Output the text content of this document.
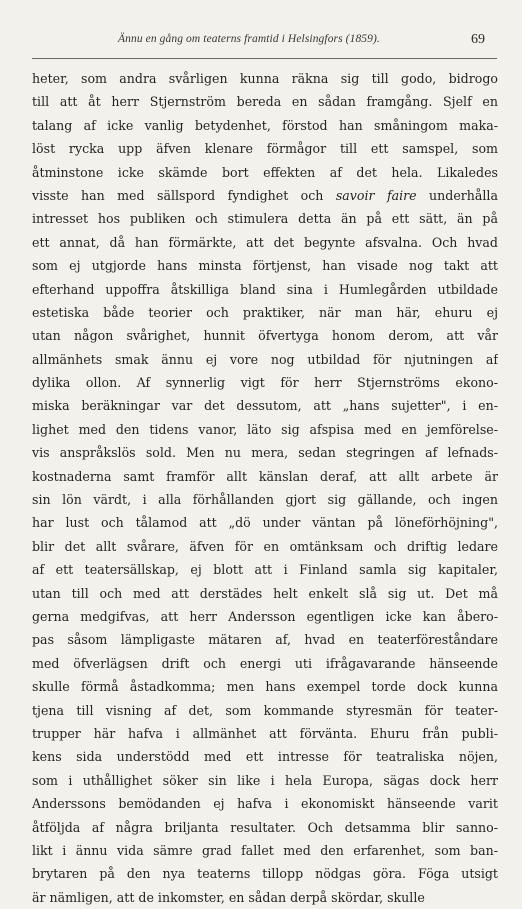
Ännu en gång om teaterns framtid i Helsingfors (1859).	69
heter, som andra svårligen kunna räkna sig till godo, bidrogo
till att åt herr Stjernström bereda en sådan framgång. Sjelf en
talang af icke vanlig betydenhet, förstod han småningom maka-
löst rycka upp äfven klenare förmågor till ett samspel, som
åtminstone icke skämde bort effekten af det hela. Likaledes
visste han med sällspord fyndighet och savoir faire underhålla
intresset hos publiken och stimulera detta än på ett sätt, än på
ett annat, då han förmärkte, att det begynte afsvalna. Och hvad
som ej utgjorde hans minsta förtjenst, han visade nog takt att
efterhand uppoffra åtskilliga bland sina i Humlegården utbildade
estetiska både teorier och praktiker, när man här, ehuru ej
utan någon svårighet, hunnit öfvertyga honom derom, att vår
allmänhets smak ännu ej vore nog utbildad för njutningen af
dylika ollon. Af synnerlig vigt för herr Stjernströms ekono-
miska beräkningar var det dessutom, att „hans sujetter", i en-
lighet med den tidens vanor, läto sig afspisa med en jemförelse-
vis anspråkslös sold. Men nu mera, sedan stegringen af lefnads-
kostnaderna samt framför allt känslan deraf, att allt arbete är
sin lön värdt, i alla förhållanden gjort sig gällande, och ingen
har lust och tålamod att „dö under väntan på löneförhöjning",
blir det allt svårare, äfven för en omtänksam och driftig ledare
af ett teatersällskap, ej blott att i Finland samla sig kapitaler,
utan till och med att derstädes helt enkelt slå sig ut. Det må
gerna medgifvas, att herr Andersson egentligen icke kan åbero-
pas såsom lämpligaste mätaren af, hvad en teaterföreståndare
med öfverlägsen drift och energi uti ifrågavarande hänseende
skulle förmå åstadkomma; men hans exempel torde dock kunna
tjena till visning af det, som kommande styresmän för teater-
trupper här hafva i allmänhet att förvänta. Ehuru från publi-
kens sida understödd med ett intresse för teatraliska nöjen,
som i uthållighet söker sin like i hela Europa, sägas dock herr
Anderssons bemödanden ej hafva i ekonomiskt hänseende varit
åtföljda af några briljanta resultater. Och detsamma blir sanno-
likt i ännu vida sämre grad fallet med den erfarenhet, som ban-
brytaren på den nya teaterns tillopp nödgas göra. Föga utsigt
är nämligen, att de inkomster, en sådan derpå skördar, skulle
